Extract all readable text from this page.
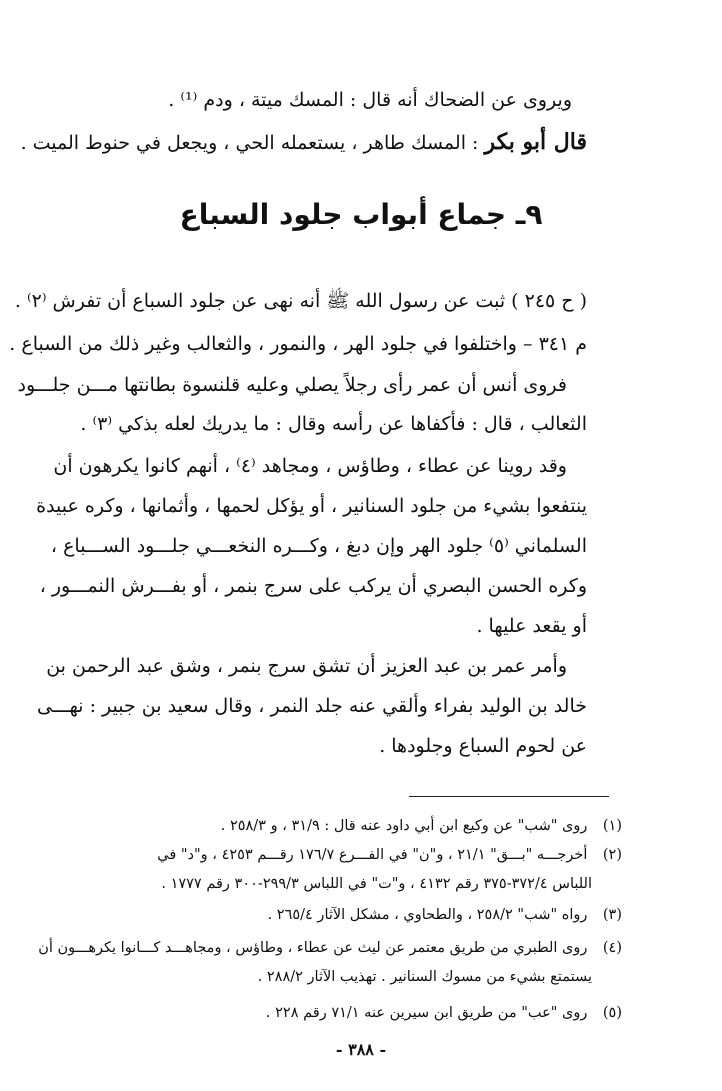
ويروى عن الضحاك أنه قال : المسك ميتة ، ودم ⁽¹⁾ .
قال أبو بكر : المسك طاهر ، يستعمله الحي ، ويجعل في حنوط الميت .
٩ـ جماع أبواب جلود السباع
( ح ٢٤٥ ) ثبت عن رسول الله ﷺ أنه نهى عن جلود السباع أن تفرش ⁽٢⁾ .
م ٣٤١ – واختلفوا في جلود الهر ، والنمور ، والثعالب وغير ذلك من السباع .
فروى أنس أن عمر رأى رجلاً يصلي وعليه قلنسوة بطانتها مـــن جلـــود
الثعالب ، قال : فأكفاها عن رأسه وقال : ما يدريك لعله بذكي ⁽٣⁾ .
وقد روينا عن عطاء ، وطاؤس ، ومجاهد ⁽٤⁾ ، أنهم كانوا يكرهون أن
ينتفعوا بشيء من جلود السنانير ، أو يؤكل لحمها ، وأثمانها ، وكره عبيدة
السلماني ⁽٥⁾ جلود الهر وإن دبغ ، وكـــره النخعـــي جلـــود الســـباع ،
وكره الحسن البصري أن يركب على سرج بنمر ، أو بفـــرش النمـــور ،
أو يقعد عليها .
وأمر عمر بن عبد العزيز أن تشق سرج بنمر ، وشق عبد الرحمن بن
خالد بن الوليد بفراء وألقي عنه جلد النمر ، وقال سعيد بن جبير : نهـــى
عن لحوم السباع وجلودها .
(١) روى "شب" عن وكيع ابن أبي داود عنه قال : ٣١/٩ ، و ٢٥٨/٣ .
(٢) أخرجـــه "بـــق" ٢١/١ ، و"ن" في الفـــرع ١٧٦/٧ رقـــم ٤٢٥٣ ، و"د" في
اللباس ٣٧٢/٤-٣٧٥ رقم ٤١٣٢ ، و"ت" في اللباس ٢٩٩/٣-٣٠٠ رقم ١٧٧٧ .
(٣) رواه "شب" ٢٥٨/٢ ، والطحاوي ، مشكل الآثار ٢٦٥/٤ .
(٤) روى الطبري من طريق معتمر عن ليث عن عطاء ، وطاؤس ، ومجاهـــد كـــانوا يكرهـــون أن
يستمتع بشيء من مسوك السنانير . تهذيب الآثار ٢٨٨/٢ .
(٥) روى "عب" من طريق ابن سيرين عنه ٧١/١ رقم ٢٢٨ .
- ٣٨٨ -
